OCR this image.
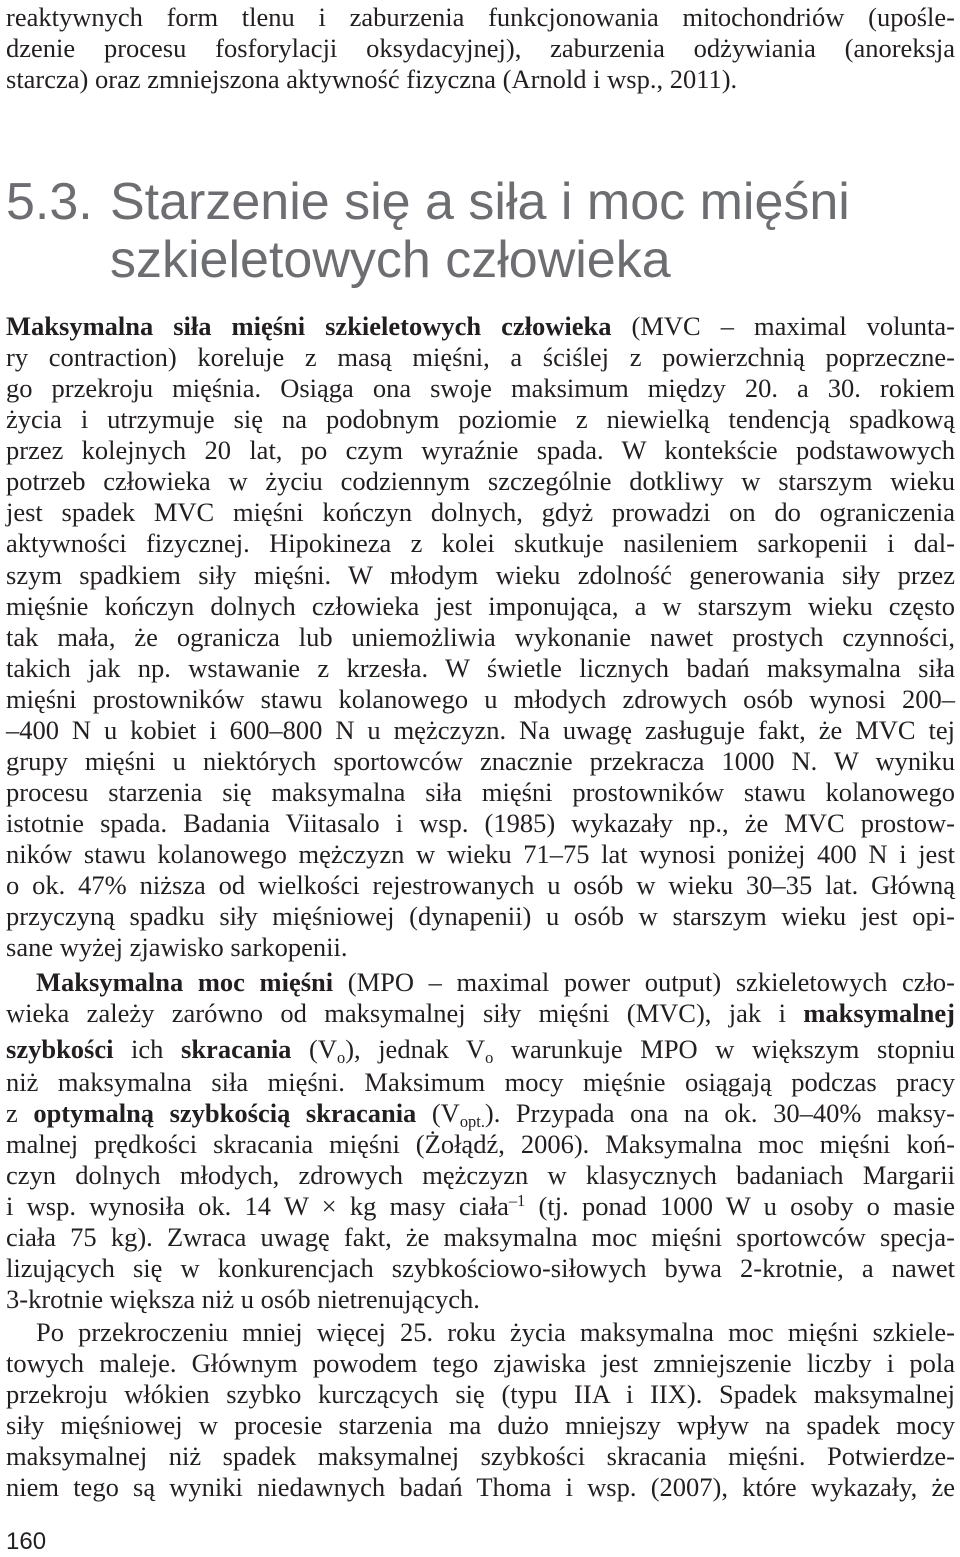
reaktywnych form tlenu i zaburzenia funkcjonowania mitochondriów (upośle-
dzenie procesu fosforylacji oksydacyjnej), zaburzenia odżywiania (anoreksja
starcza) oraz zmniejszona aktywność fizyczna (Arnold i wsp., 2011).
5.3. Starzenie się a siła i moc mięśni
szkieletowych człowieka
Maksymalna siła mięśni szkieletowych człowieka (MVC – maximal volunta-
ry contraction) koreluje z masą mięśni, a ściślej z powierzchnią poprzeczne-
go przekroju mięśnia. Osiąga ona swoje maksimum między 20. a 30. rokiem
życia i utrzymuje się na podobnym poziomie z niewielką tendencją spadkową
przez kolejnych 20 lat, po czym wyraźnie spada. W kontekście podstawowych
potrzeb człowieka w życiu codziennym szczególnie dotkliwy w starszym wieku
jest spadek MVC mięśni kończyn dolnych, gdyż prowadzi on do ograniczenia
aktywności fizycznej. Hipokineza z kolei skutkuje nasileniem sarkopenii i dal-
szym spadkiem siły mięśni. W młodym wieku zdolność generowania siły przez
mięśnie kończyn dolnych człowieka jest imponująca, a w starszym wieku często
tak mała, że ogranicza lub uniemożliwia wykonanie nawet prostych czynności,
takich jak np. wstawanie z krzesła. W świetle licznych badań maksymalna siła
mięśni prostowników stawu kolanowego u młodych zdrowych osób wynosi 200–
–400 N u kobiet i 600–800 N u mężczyzn. Na uwagę zasługuje fakt, że MVC tej
grupy mięśni u niektórych sportowców znacznie przekracza 1000 N. W wyniku
procesu starzenia się maksymalna siła mięśni prostowników stawu kolanowego
istotnie spada. Badania Viitasalo i wsp. (1985) wykazały np., że MVC prostow-
ników stawu kolanowego mężczyzn w wieku 71–75 lat wynosi poniżej 400 N i jest
o ok. 47% niższa od wielkości rejestrowanych u osób w wieku 30–35 lat. Główną
przyczyną spadku siły mięśniowej (dynapenii) u osób w starszym wieku jest opi-
sane wyżej zjawisko sarkopenii.
Maksymalna moc mięśni (MPO – maximal power output) szkieletowych czło-
wieka zależy zarówno od maksymalnej siły mięśni (MVC), jak i maksymalnej
szybkości ich skracania $(V_o)$, jednak $V_o$ warunkuje MPO w większym stopniu
niż maksymalna siła mięśni. Maksimum mocy mięśnie osiągają podczas pracy
z optymalną szybkością skracania $(V_{opt.})$. Przypada ona na ok. 30–40% maksy-
malnej prędkości skracania mięśni (Żołądź, 2006). Maksymalna moc mięśni koń-
czyn dolnych młodych, zdrowych mężczyzn w klasycznych badaniach Margarii
i wsp. wynosiła ok. 14 W × kg masy ciała$^{-1}$ (tj. ponad 1000 W u osoby o masie
ciała 75 kg). Zwraca uwagę fakt, że maksymalna moc mięśni sportowców specja-
lizujących się w konkurencjach szybkościowo-siłowych bywa 2-krotnie, a nawet
3-krotnie większa niż u osób nietrenujących.
Po przekroczeniu mniej więcej 25. roku życia maksymalna moc mięśni szkiele-
towych maleje. Głównym powodem tego zjawiska jest zmniejszenie liczby i pola
przekroju włókien szybko kurczących się (typu IIA i IIX). Spadek maksymalnej
siły mięśniowej w procesie starzenia ma dużo mniejszy wpływ na spadek mocy
maksymalnej niż spadek maksymalnej szybkości skracania mięśni. Potwierdze-
niem tego są wyniki niedawnych badań Thoma i wsp. (2007), które wykazały, że
160
